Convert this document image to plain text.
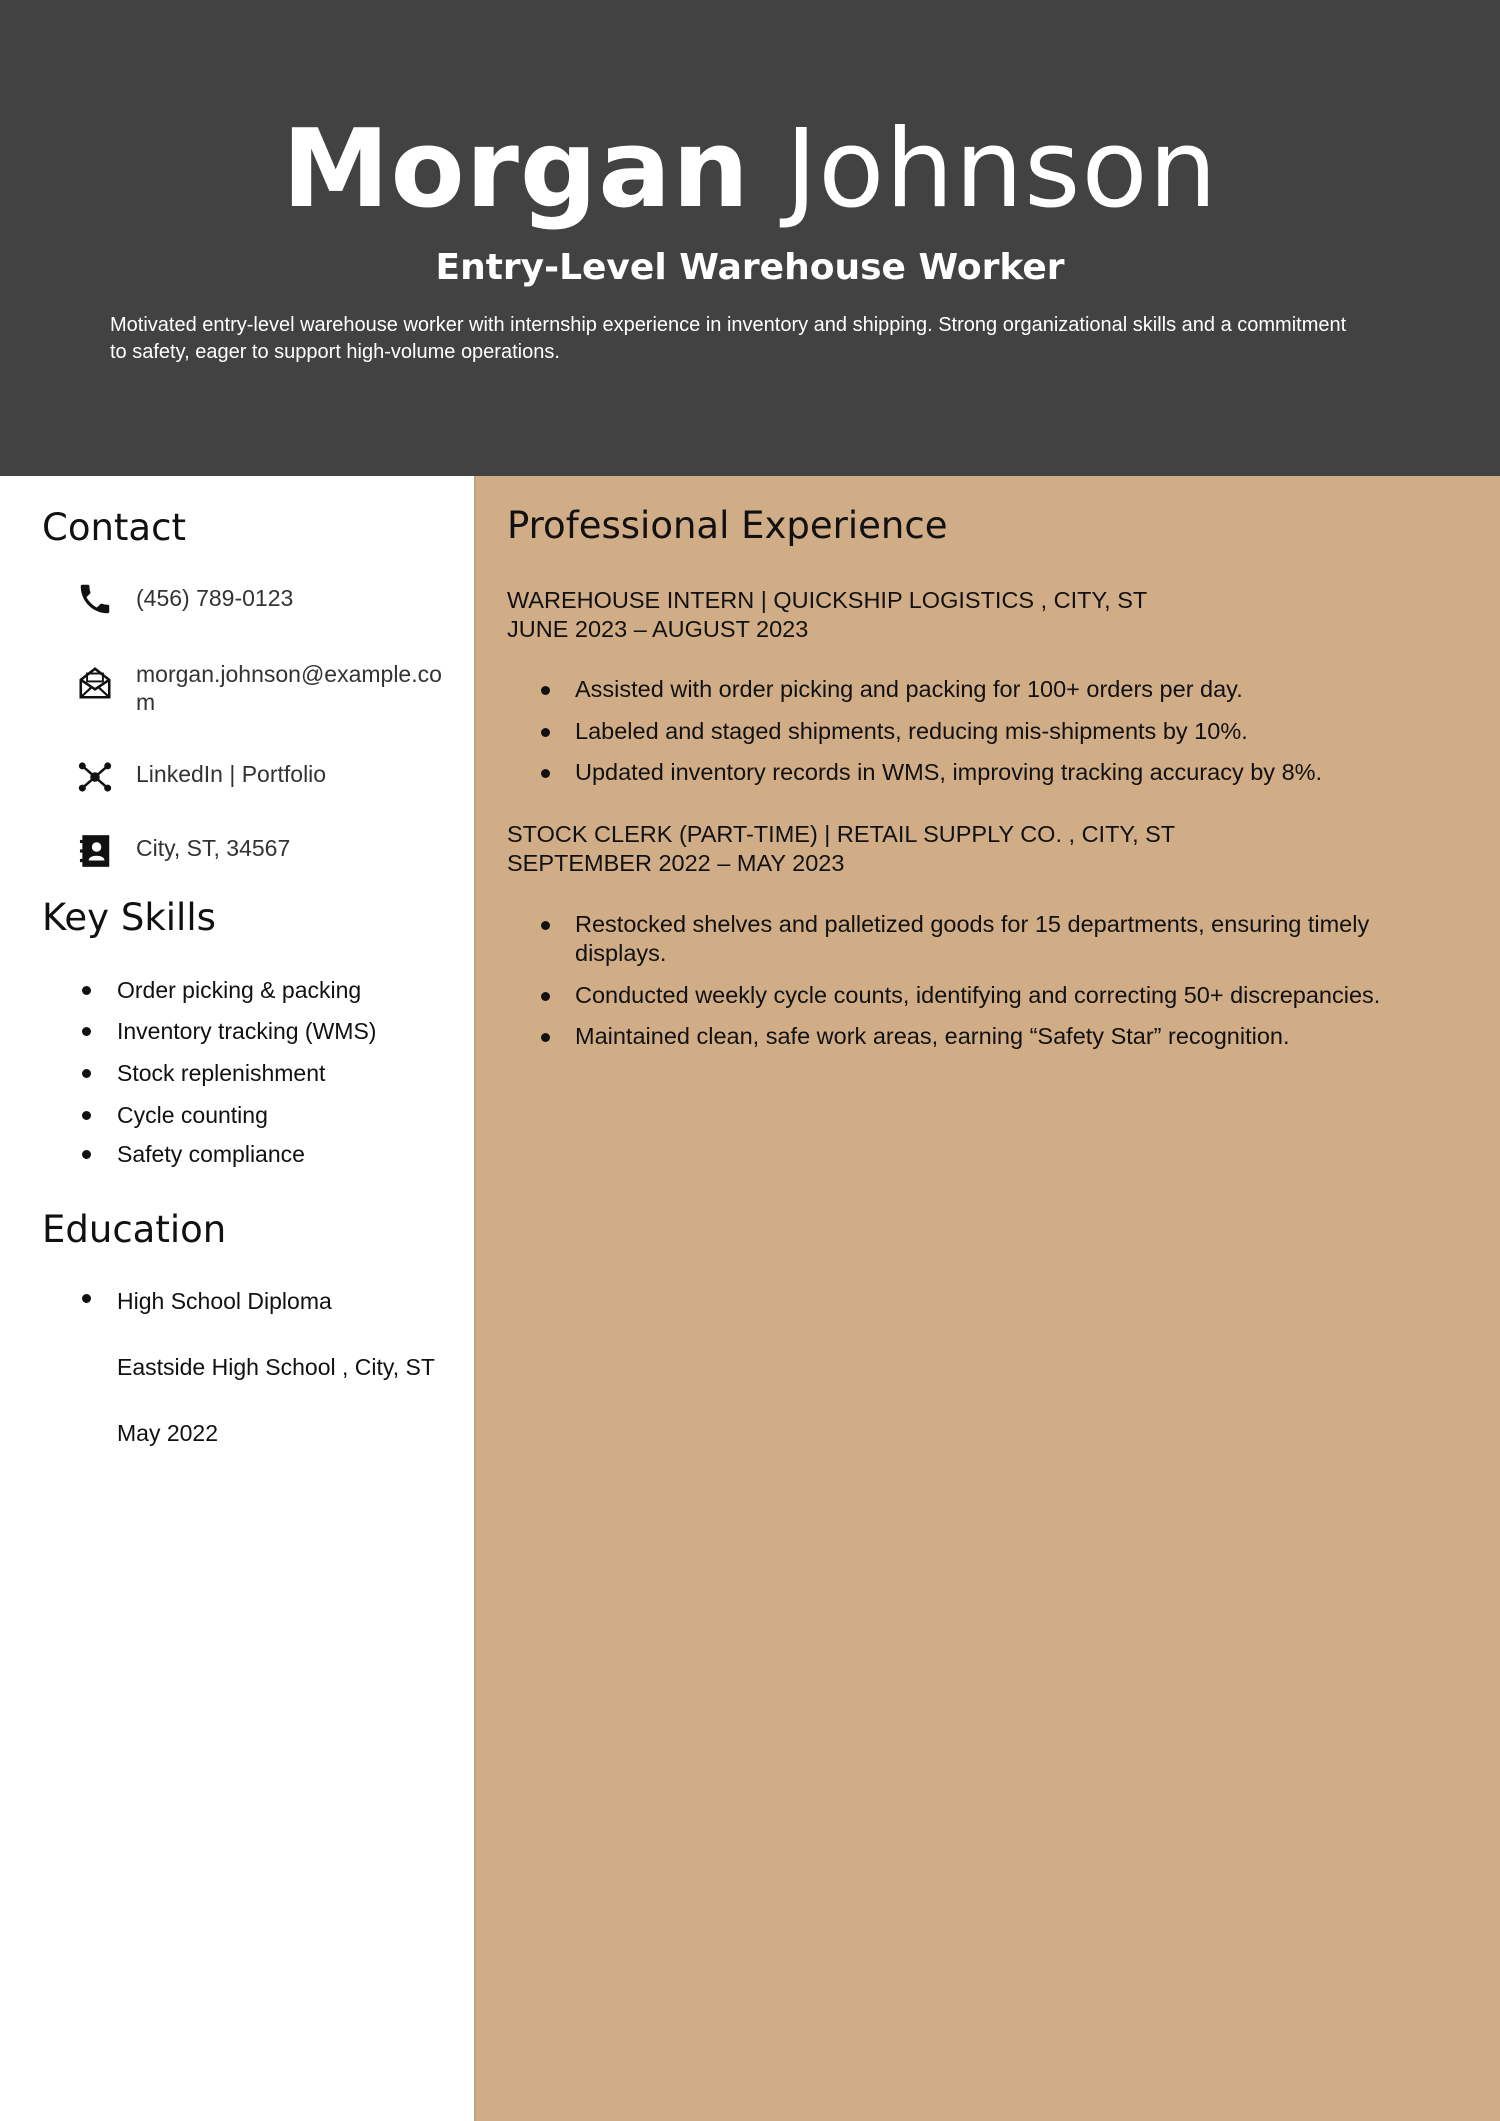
Morgan Johnson
Entry-Level Warehouse Worker
Motivated entry-level warehouse worker with internship experience in inventory and shipping. Strong organizational skills and a commitment to safety, eager to support high-volume operations.
Contact
(456) 789-0123
morgan.johnson@example.com
LinkedIn | Portfolio
City, ST, 34567
Key Skills
Order picking & packing
Inventory tracking (WMS)
Stock replenishment
Cycle counting
Safety compliance
Education
High School Diploma
Eastside High School , City, ST
May 2022
Professional Experience
WAREHOUSE INTERN | QUICKSHIP LOGISTICS , CITY, ST
JUNE 2023 – AUGUST 2023
Assisted with order picking and packing for 100+ orders per day.
Labeled and staged shipments, reducing mis-shipments by 10%.
Updated inventory records in WMS, improving tracking accuracy by 8%.
STOCK CLERK (PART-TIME) | RETAIL SUPPLY CO. , CITY, ST
SEPTEMBER 2022 – MAY 2023
Restocked shelves and palletized goods for 15 departments, ensuring timely displays.
Conducted weekly cycle counts, identifying and correcting 50+ discrepancies.
Maintained clean, safe work areas, earning “Safety Star” recognition.
